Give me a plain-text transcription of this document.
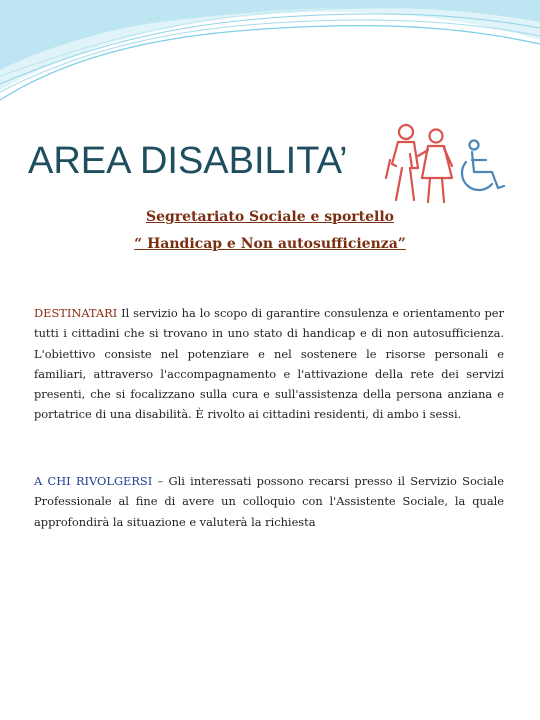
AREA DISABILITA’
Segretariato Sociale e sportello
“ Handicap e Non autosufficienza”

DESTINATARI Il servizio ha lo scopo di garantire consulenza e orientamento per tutti i cittadini che si trovano in uno stato di handicap e di non autosufficienza. L'obiettivo consiste nel potenziare e nel sostenere le risorse personali e familiari, attraverso l'accompagnamento e l'attivazione della rete dei servizi presenti, che si focalizzano sulla cura e sull'assistenza della persona anziana e portatrice di una disabilità. È rivolto ai cittadini residenti, di ambo i sessi.

A CHI RIVOLGERSI – Gli interessati possono recarsi presso il Servizio Sociale Professionale al fine di avere un colloquio con l'Assistente Sociale, la quale approfondirà la situazione e valuterà la richiesta
